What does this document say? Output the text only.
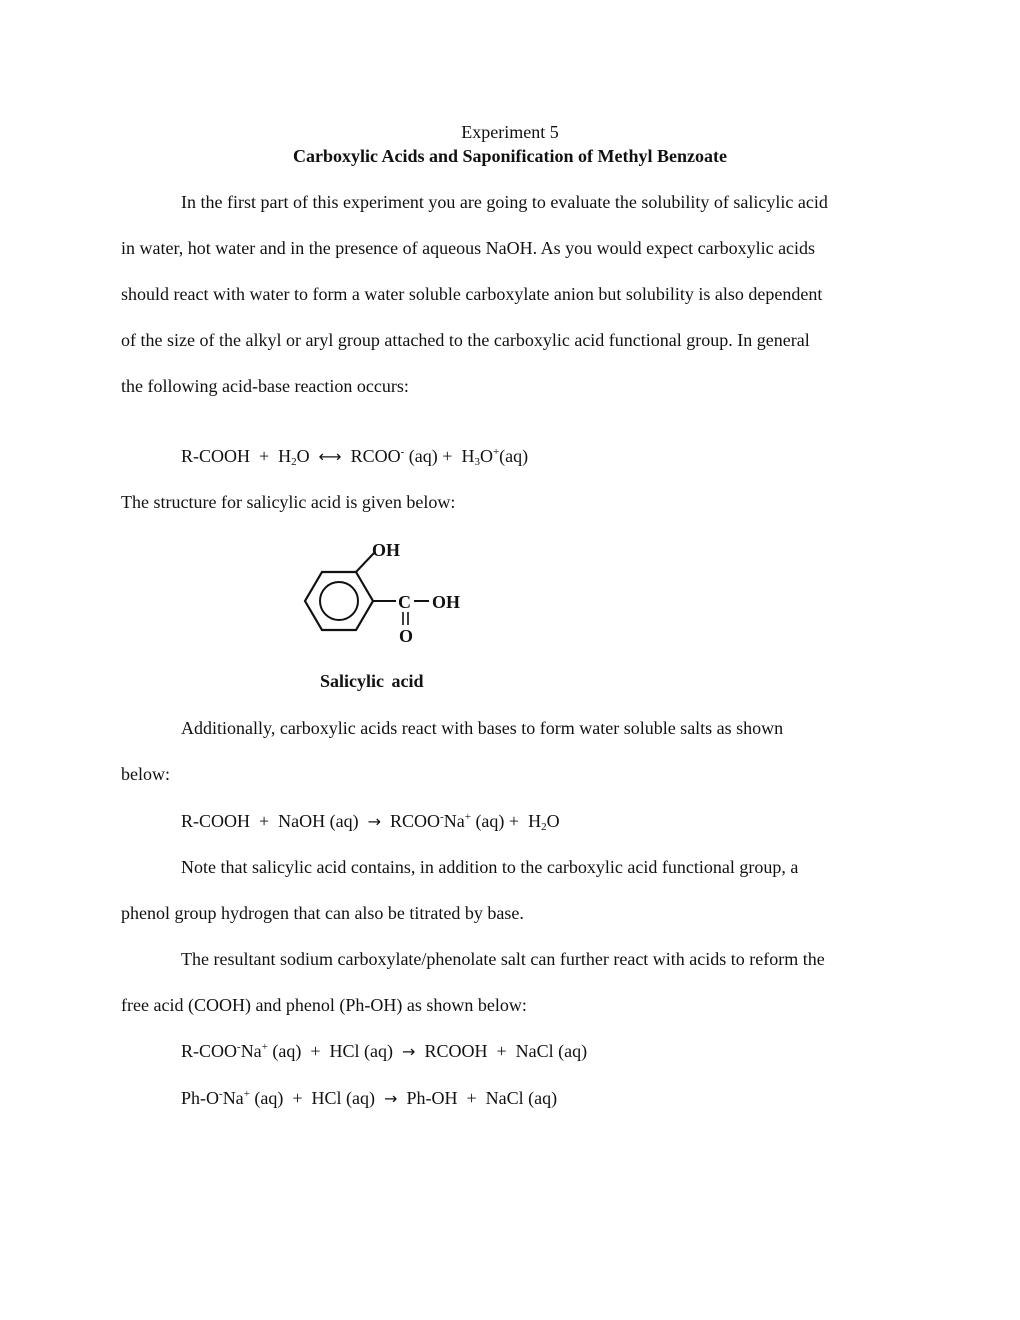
Experiment 5
Carboxylic Acids and Saponification of Methyl Benzoate
In the first part of this experiment you are going to evaluate the solubility of salicylic acid
in water, hot water and in the presence of aqueous NaOH. As you would expect carboxylic acids
should react with water to form a water soluble carboxylate anion but solubility is also dependent
of the size of the alkyl or aryl group attached to the carboxylic acid functional group. In general
the following acid-base reaction occurs:
R-COOH + $H_2O$ ⟷ RCOO- $(aq) + H_3O^+(aq)$
The structure for salicylic acid is given below:
OH
C OH
O
Salicylic acid
Additionally, carboxylic acids react with bases to form water soluble salts as shown
below:
R-COOH  +  NaOH (aq) → RCOO-Na+ $(aq) + H_2O$
Note that salicylic acid contains, in addition to the carboxylic acid functional group, a
phenol group hydrogen that can also be titrated by base.
The resultant sodium carboxylate/phenolate salt can further react with acids to reform the
free acid (COOH) and phenol (Ph-OH) as shown below:
R-COO-Na+ (aq)  +  HCl (aq) → RCOOH  +  NaCl (aq)
Ph-O-Na+ (aq)  +  HCl (aq) → Ph-OH  +  NaCl (aq)
